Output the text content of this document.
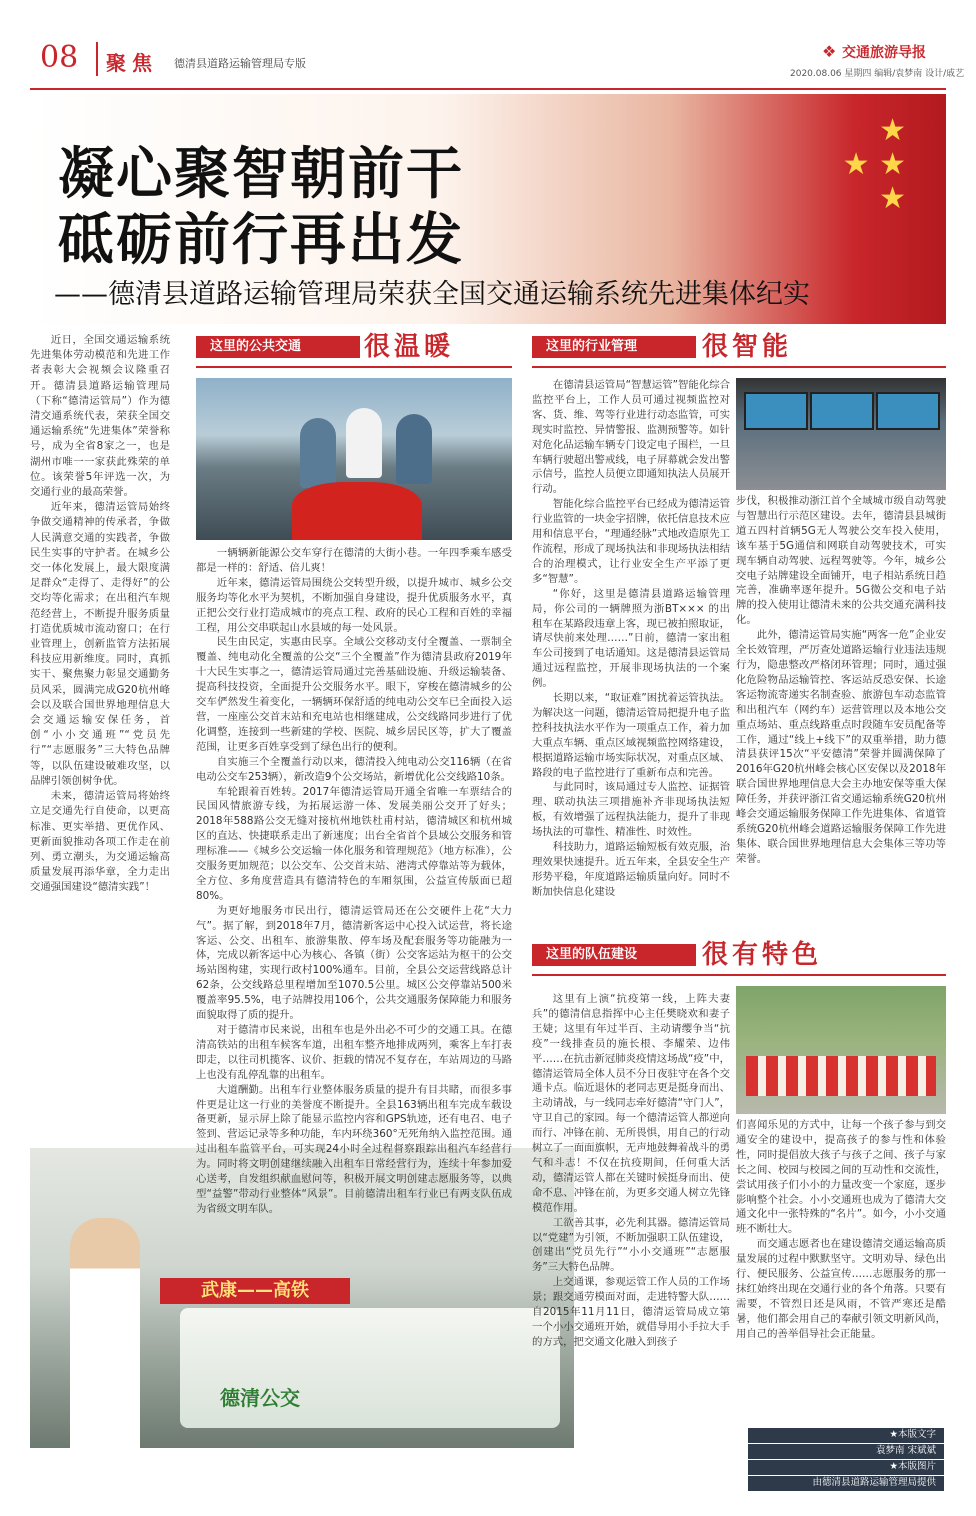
08 聚焦 德清县道路运输管理局专版
❖ 交通旅游导报
2020.08.06 星期四 编辑/袁梦南 设计/戚艺
★
★ ★
★
凝心聚智朝前干
砥砺前行再出发
——德清县道路运输管理局荣获全国交通运输系统先进集体纪实

近日，全国交通运输系统先进集体劳动模范和先进工作者表彰大会视频会议隆重召开。德清县道路运输管理局（下称“德清运管局”）作为德清交通系统代表，荣获全国交通运输系统“先进集体”荣誉称号，成为全省8家之一，也是湖州市唯一一家获此殊荣的单位。该荣誉5年评选一次，为交通行业的最高荣誉。

近年来，德清运管局始终争做交通精神的传承者，争做人民满意交通的实践者，争做民生实事的守护者。在城乡公交一体化发展上，最大限度满足群众“走得了、走得好”的公交均等化需求；在出租汽车规范经营上，不断提升服务质量打造优质城市流动窗口；在行业管理上，创新监管方法拓展科技应用新维度。同时，真抓实干、聚焦聚力彰显交通勤务员风采，圆满完成G20杭州峰会以及联合国世界地理信息大会交通运输安保任务，首创“小小交通班”“党员先行”“志愿服务”三大特色品牌等，以队伍建设破难攻坚，以品牌引领创树争优。

未来，德清运管局将始终立足交通先行自使命，以更高标准、更实举措、更优作风、更新面貌推动各项工作走在前列、勇立潮头，为交通运输高质量发展再添华章，全力走出交通强国建设“德清实践”！

这里的公共交通	很温暖	这里的行业管理	很智能
这里的队伍建设	很有特色
武康——高铁
德清公交

一辆辆新能源公交车穿行在德清的大街小巷。一年四季乘车感受都是一样的：舒适、倍儿爽！

近年来，德清运管局围绕公交转型升级，以提升城市、城乡公交服务均等化水平为契机，不断加强自身建设，提升优质服务水平，真正把公交行业打造成城市的亮点工程、政府的民心工程和百姓的幸福工程，用公交串联起山水县域的每一处风景。

民生由民定，实惠由民享。全域公交移动支付全覆盖、一票制全覆盖、纯电动化全覆盖的公交“三个全覆盖”作为德清县政府2019年十大民生实事之一，德清运管局通过完善基础设施、升级运输装备、提高科技投资，全面提升公交服务水平。眼下，穿梭在德清城乡的公交车俨然发生着变化，一辆辆环保舒适的纯电动公交车已全面投入运营，一座座公交首末站和充电站也相继建成，公交线路同步进行了优化调整，连接到一些新建的学校、医院、城乡居民区等，扩大了覆盖范围，让更多百姓享受到了绿色出行的便利。

自实施三个全覆盖行动以来，德清投入纯电动公交116辆（在省电动公交车253辆），新改造9个公交场站，新增优化公交线路10条。

车轮跟着百姓转。2017年德清运管局开通全省唯一车票结合的民国风情旅游专线，为拓展运游一体、发展美丽公交开了好头；2018年588路公交无缝对接杭州地铁杜甫村站，德清城区和杭州城区的直达、快捷联系走出了新速度；出台全省首个县域公交服务和管理标准——《城乡公交运输一体化服务和管理规范》（地方标准），公交服务更加规范；以公交车、公交首末站、港湾式停靠站等为载体，全方位、多角度营造具有德清特色的车厢氛围，公益宣传版面已超80%。

为更好地服务市民出行，德清运管局还在公交硬件上花“大力气”。据了解，到2018年7月，德清新客运中心投入试运营，将长途客运、公交、出租车、旅游集散、停车场及配套服务等功能融为一体，完成以新客运中心为核心、各镇（街）公交客运站为枢干的公交场站图构建，实现行政村100%通车。目前，全县公交运营线路总计62条，公交线路总里程增加至1070.5公里。城区公交停靠站500米覆盖率95.5%，电子站牌投用106个，公共交通服务保障能力和服务面貌取得了质的提升。

对于德清市民来说，出租车也是外出必不可少的交通工具。在德清高铁站的出租车候客车道，出租车整齐地排成两列，乘客上车打表即走，以往司机揽客、议价、拒载的情况不复存在，车站周边的马路上也没有乱停乱靠的出租车。

大道酬勤。出租车行业整体服务质量的提升有目共睹，而很多事件更是让这一行业的美誉度不断提升。全县163辆出租车完成车载设备更新，显示屏上除了能显示监控内容和GPS轨迹，还有电召、电子签到、营运记录等多种功能，车内环绕360°无死角纳入监控范围。通过出租车监管平台，可实现24小时全过程督察跟踪出租汽车经营行为。同时将文明创建继续融入出租车日常经营行为，连续十年参加爱心送考，自发组织献血慰问等，积极开展文明创建志愿服务等，以典型“益警”带动行业整体“风景”。目前德清出租车行业已有两支队伍成为省级文明车队。

在德清县运管局“智慧运管”智能化综合监控平台上，工作人员可通过视频监控对客、货、维、驾等行业进行动态监管，可实现实时监控、异情警报、监测预警等。如针对危化品运输车辆专门设定电子围栏，一旦车辆行驶超出警戒线，电子屏幕就会发出警示信号，监控人员便立即通知执法人员展开行动。

智能化综合监控平台已经成为德清运管行业监管的一块金字招牌，依托信息技术应用和信息平台，“理通经脉”式地改造原先工作流程，形成了现场执法和非现场执法相结合的治理模式，让行业安全生产平添了更多“智慧”。

“你好，这里是德清县道路运输管理局，你公司的一辆牌照为浙BT××× 的出租车在某路段违章上客，现已被拍照取证，请尽快前来处理……”日前，德清一家出租车公司接到了电话通知。这是德清县运管局通过远程监控，开展非现场执法的一个案例。

长期以来，“取证难”困扰着运管执法。为解决这一问题，德清运管局把提升电子监控科技执法水平作为一项重点工作，着力加大重点车辆、重点区域视频监控网络建设，根据道路运输市场实际状况，对重点区域、路段的电子监控进行了重新布点和完善。

与此同时，该局通过专人监控、证据管理、联动执法三项措施补齐非现场执法短板，有效增强了远程执法能力，提升了非现场执法的可靠性、精准性、时效性。

科技助力，道路运输短板有效克服，治理效果快速提升。近五年来，全县安全生产形势平稳，年度道路运输质量向好。同时不断加快信息化建设

步伐，积极推动浙江首个全域城市级自动驾驶与智慧出行示范区建设。去年，德清县县城街道五四村首辆5G无人驾驶公交车投入使用，该车基于5G通信和网联自动驾驶技术，可实现车辆自动驾驶、远程驾驶等。今年，城乡公交电子站牌建设全面铺开，电子相站系统日趋完善，准确率逐年提升。5G微公交和电子站牌的投入使用让德清未来的公共交通充满科技化。

此外，德清运管局实施“两客一危”企业安全长效管理，严厉查处道路运输行业违法违规行为，隐患整改严格闭环管理；同时，通过强化危险物品运输管控、客运站反恐安保、长途客运物流寄递实名制查验、旅游包车动态监管和出租汽车（网约车）运营管理以及本地公交重点场站、重点线路重点时段随车安员配备等工作，通过“线上+线下”的双重举措，助力德清县获评15次“平安德清”荣誉并圆满保障了2016年G20杭州峰会核心区安保以及2018年联合国世界地理信息大会主办地安保等重大保障任务，并获评浙江省交通运输系统G20杭州峰会交通运输服务保障工作先进集体、省道管系统G20杭州峰会道路运输服务保障工作先进集体、联合国世界地理信息大会集体三等功等荣誉。

这里有上演“抗疫第一线，上阵夫妻兵”的德清信息指挥中心主任樊晓欢和妻子王婕；这里有年过半百、主动请缨争当“抗疫”一线排查员的施长根、李耀荣、边伟平……在抗击新冠肺炎疫情这场战“疫”中，德清运管局全体人员不分日夜驻守在各个交通卡点。临近退休的老同志更是挺身而出、主动请战，与一线同志牵好德清“守门人”，守卫自己的家园。每一个德清运管人都逆向而行、冲锋在前、无所畏惧，用自己的行动树立了一面面旗帜，无声地鼓舞着战斗的勇气和斗志！不仅在抗疫期间，任何重大活动，德清运管人都在关键时候挺身而出、使命不息、冲锋在前，为更多交通人树立先锋模范作用。

工欲善其事，必先利其器。德清运管局以“党建”为引领，不断加强职工队伍建设，创建出“党员先行”“小小交通班”“志愿服务”三大特色品牌。

上交通课，参观运管工作人员的工作场景；跟交通劳模面对面，走进特警大队……自2015年11月11日，德清运管局成立第一个小小交通班开始，就借导用小手拉大手的方式，把交通文化融入到孩子

们喜闻乐见的方式中，让每一个孩子参与到交通安全的建设中，提高孩子的参与性和体验性，同时提倡放大孩子与孩子之间、孩子与家长之间、校园与校园之间的互动性和交流性，尝试用孩子们小小的力量改变一个家庭，逐步影响整个社会。小小交通班也成为了德清大交通文化中一张特殊的“名片”。如今，小小交通班不断壮大。

而交通志愿者也在建设德清交通运输高质量发展的过程中默默坚守。文明劝导、绿色出行、便民服务、公益宣传……志愿服务的那一抹红始终出现在交通行业的各个角落。只要有需要，不管烈日还是风雨，不管严寒还是酷暑，他们都会用自己的奉献引领文明新风尚，用自己的善举倡导社会正能量。

★本版文字
袁梦南 宋斌斌
★本版图片
由德清县道路运输管理局提供
